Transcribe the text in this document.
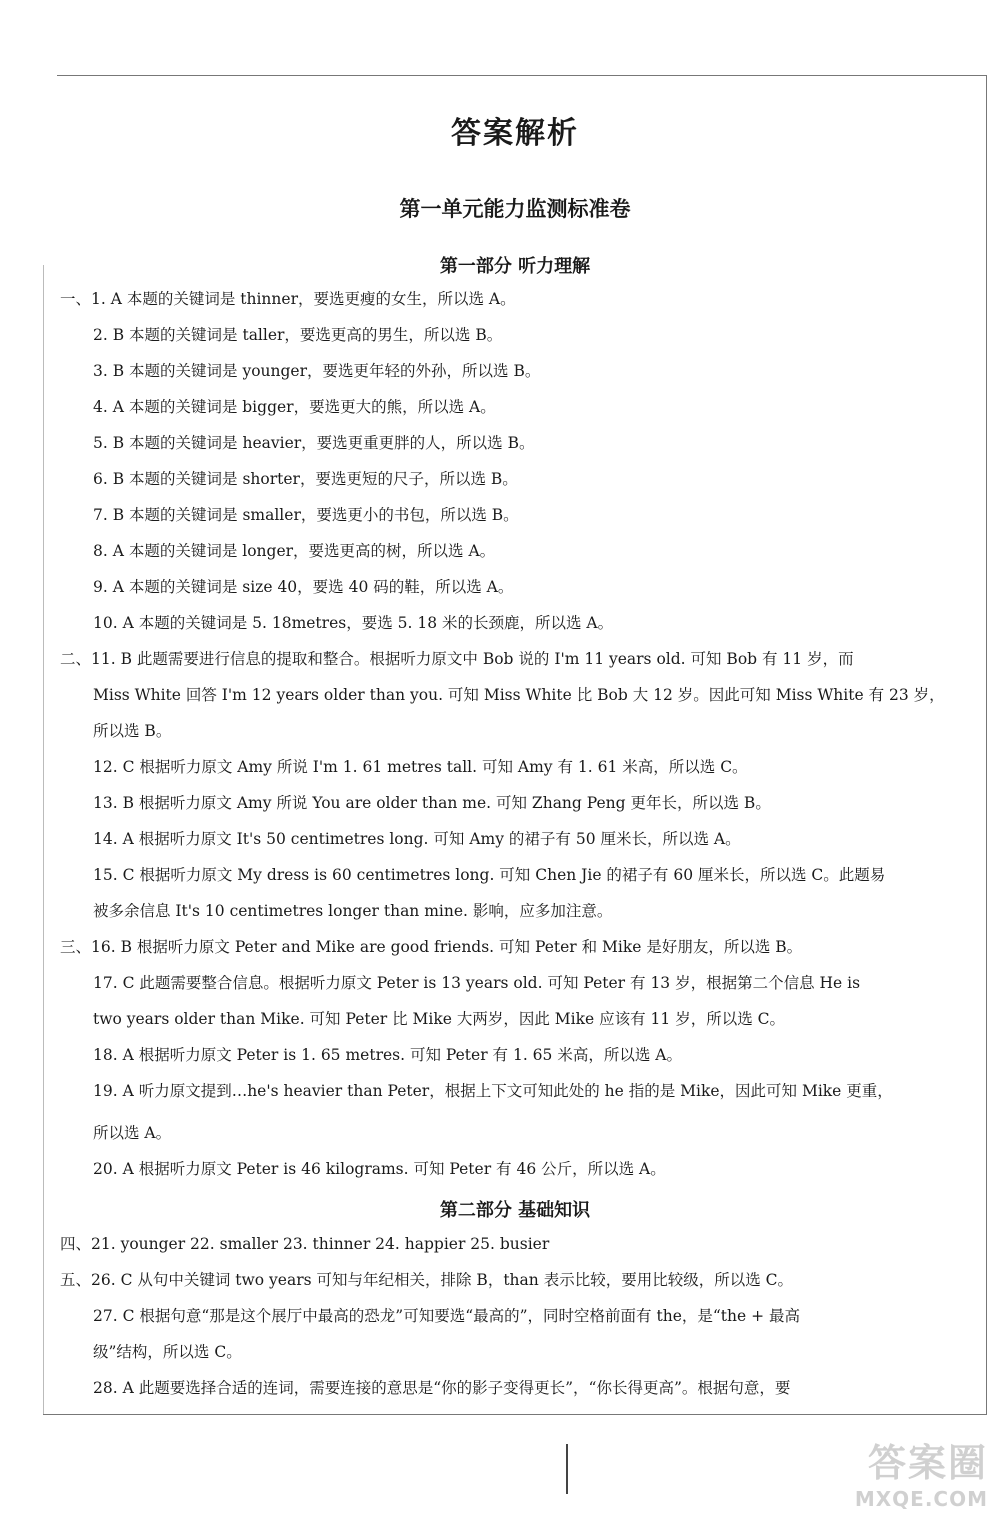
答案解析
第一单元能力监测标准卷
第一部分 听力理解
一、1. A 本题的关键词是 thinner，要选更瘦的女生，所以选 A。
2. B 本题的关键词是 taller，要选更高的男生，所以选 B。
3. B 本题的关键词是 younger，要选更年轻的外孙，所以选 B。
4. A 本题的关键词是 bigger，要选更大的熊，所以选 A。
5. B 本题的关键词是 heavier，要选更重更胖的人，所以选 B。
6. B 本题的关键词是 shorter，要选更短的尺子，所以选 B。
7. B 本题的关键词是 smaller，要选更小的书包，所以选 B。
8. A 本题的关键词是 longer，要选更高的树，所以选 A。
9. A 本题的关键词是 size 40，要选 40 码的鞋，所以选 A。
10. A 本题的关键词是 5. 18metres，要选 5. 18 米的长颈鹿，所以选 A。
二、11. B 此题需要进行信息的提取和整合。根据听力原文中 Bob 说的 I'm 11 years old. 可知 Bob 有 11 岁，而
Miss White 回答 I'm 12 years older than you. 可知 Miss White 比 Bob 大 12 岁。因此可知 Miss White 有 23 岁，
所以选 B。
12. C 根据听力原文 Amy 所说 I'm 1. 61 metres tall. 可知 Amy 有 1. 61 米高，所以选 C。
13. B 根据听力原文 Amy 所说 You are older than me. 可知 Zhang Peng 更年长，所以选 B。
14. A 根据听力原文 It's 50 centimetres long. 可知 Amy 的裙子有 50 厘米长，所以选 A。
15. C 根据听力原文 My dress is 60 centimetres long. 可知 Chen Jie 的裙子有 60 厘米长，所以选 C。此题易
被多余信息 It's 10 centimetres longer than mine. 影响，应多加注意。
三、16. B 根据听力原文 Peter and Mike are good friends. 可知 Peter 和 Mike 是好朋友，所以选 B。
17. C 此题需要整合信息。根据听力原文 Peter is 13 years old. 可知 Peter 有 13 岁，根据第二个信息 He is
two years older than Mike. 可知 Peter 比 Mike 大两岁，因此 Mike 应该有 11 岁，所以选 C。
18. A 根据听力原文 Peter is 1. 65 metres. 可知 Peter 有 1. 65 米高，所以选 A。
19. A 听力原文提到…he's heavier than Peter，根据上下文可知此处的 he 指的是 Mike，因此可知 Mike 更重，
所以选 A。
20. A 根据听力原文 Peter is 46 kilograms. 可知 Peter 有 46 公斤，所以选 A。
第二部分 基础知识
四、21. younger 22. smaller 23. thinner 24. happier 25. busier
五、26. C 从句中关键词 two years 可知与年纪相关，排除 B，than 表示比较，要用比较级，所以选 C。
27. C 根据句意“那是这个展厅中最高的恐龙”可知要选“最高的”，同时空格前面有 the，是“the + 最高
级”结构，所以选 C。
28. A 此题要选择合适的连词，需要连接的意思是“你的影子变得更长”，“你长得更高”。根据句意，要
答案圈
MXQE.COM
